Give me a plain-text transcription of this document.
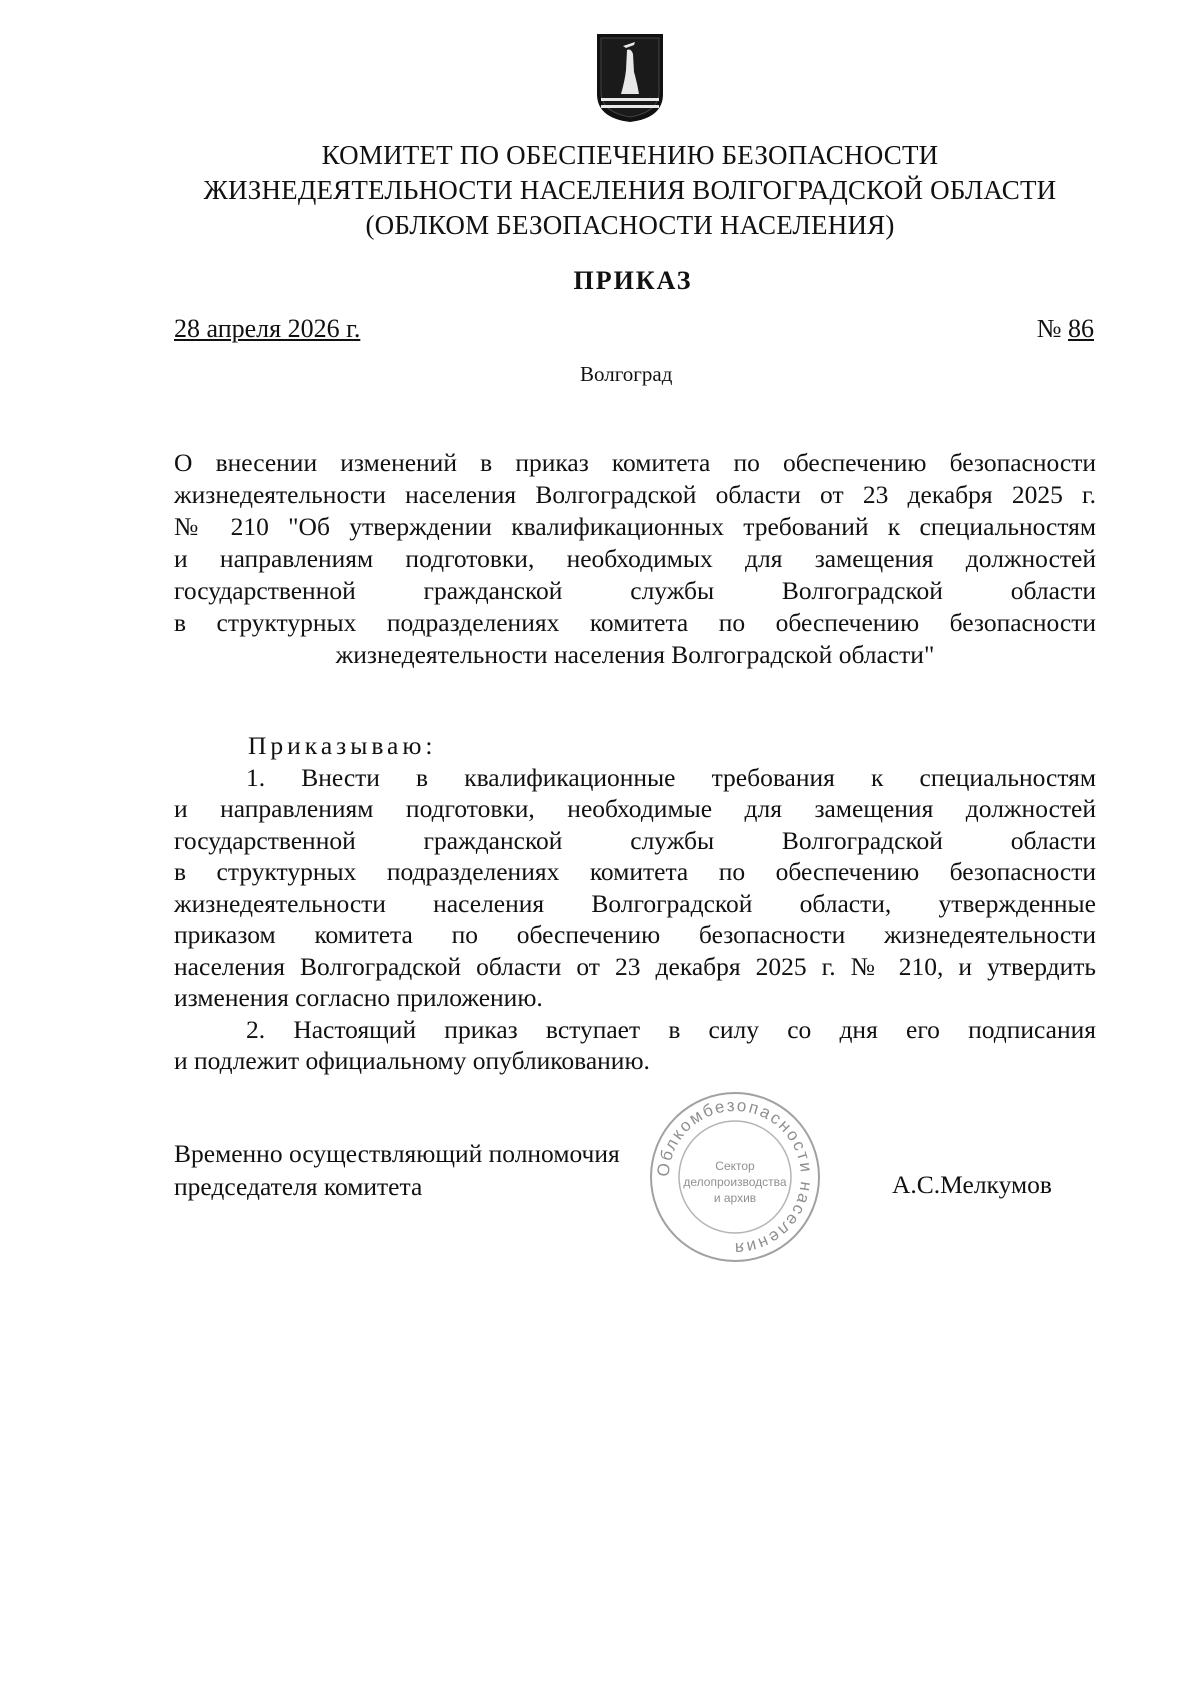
КОМИТЕТ ПО ОБЕСПЕЧЕНИЮ БЕЗОПАСНОСТИ
ЖИЗНЕДЕЯТЕЛЬНОСТИ НАСЕЛЕНИЯ ВОЛГОГРАДСКОЙ ОБЛАСТИ
(ОБЛКОМ БЕЗОПАСНОСТИ НАСЕЛЕНИЯ)
ПРИКАЗ
28 апреля 2026 г.	№ 86
Волгоград
О внесении изменений в приказ комитета по обеспечению безопасности
жизнедеятельности населения Волгоградской области от 23 декабря 2025 г.
№ 210 "Об утверждении квалификационных требований к специальностям
и направлениям подготовки, необходимых для замещения должностей
государственной гражданской службы Волгоградской области
в структурных подразделениях комитета по обеспечению безопасности
жизнедеятельности населения Волгоградской области"
Приказываю:
1. Внести в квалификационные требования к специальностям
и направлениям подготовки, необходимые для замещения должностей
государственной гражданской службы Волгоградской области
в структурных подразделениях комитета по обеспечению безопасности
жизнедеятельности населения Волгоградской области, утвержденные
приказом комитета по обеспечению безопасности жизнедеятельности
населения Волгоградской области от 23 декабря 2025 г. № 210, и утвердить
изменения согласно приложению.
2. Настоящий приказ вступает в силу со дня его подписания
и подлежит официальному опубликованию.
Облкомбезопасности населения
Сектор
делопроизводства
и архив
Временно осуществляющий полномочия
председателя комитета	А.С.Мелкумов
